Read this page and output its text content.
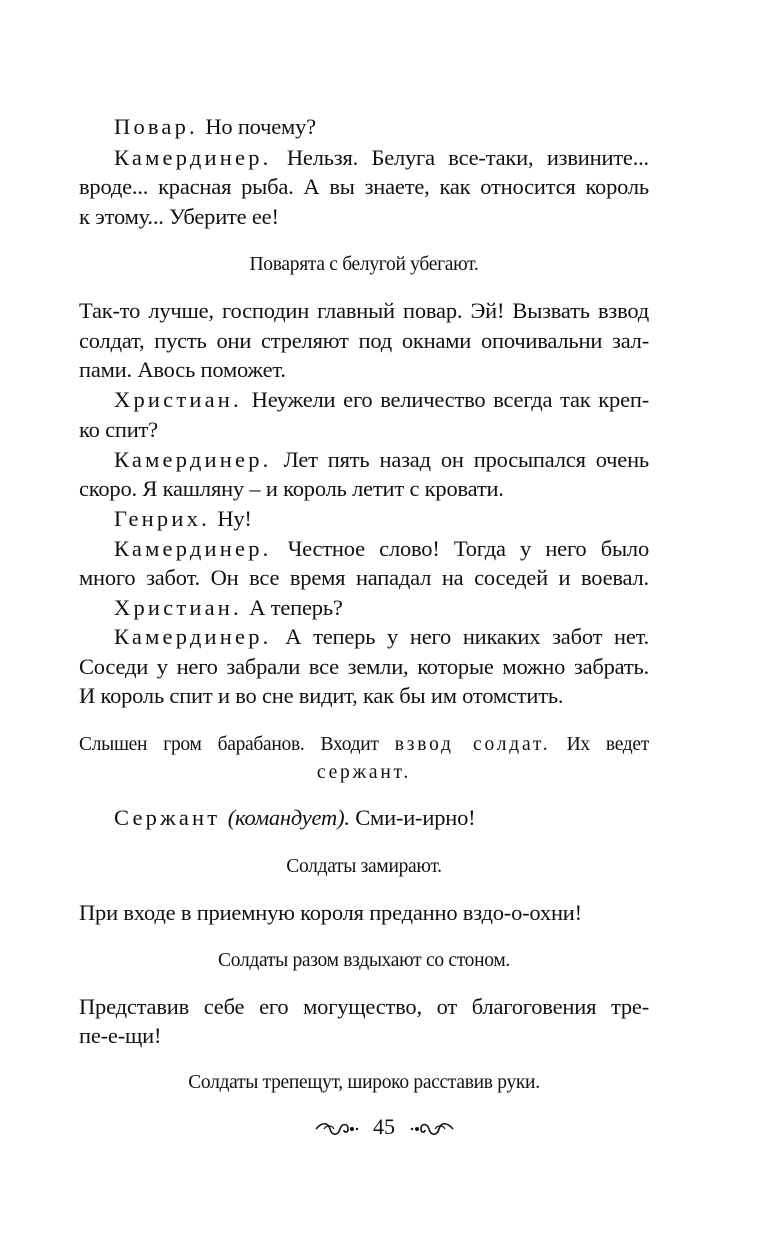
Повар. Но почему?
Камердинер. Нельзя. Белуга все-таки, извините...
вроде... красная рыба. А вы знаете, как относится король
к этому... Уберите ее!
Поварята с белугой убегают.
Так-то лучше, господин главный повар. Эй! Вызвать взвод
солдат, пусть они стреляют под окнами опочивальни зал-
пами. Авось поможет.
Христиан. Неужели его величество всегда так креп-
ко спит?
Камердинер. Лет пять назад он просыпался очень
скоро. Я кашляну – и король летит с кровати.
Генрих. Ну!
Камердинер. Честное слово! Тогда у него было
много забот. Он все время нападал на соседей и воевал.
Христиан. А теперь?
Камердинер. А теперь у него никаких забот нет.
Соседи у него забрали все земли, которые можно забрать.
И король спит и во сне видит, как бы им отомстить.
Слышен гром барабанов. Входит взвод солдат. Их ведет
сержант.
Сержант (командует). Сми-и-ирно!
Солдаты замирают.
При входе в приемную короля преданно вздо-о-охни!
Солдаты разом вздыхают со стоном.
Представив себе его могущество, от благоговения тре-
пе-е-щи!
Солдаты трепещут, широко расставив руки.
45
